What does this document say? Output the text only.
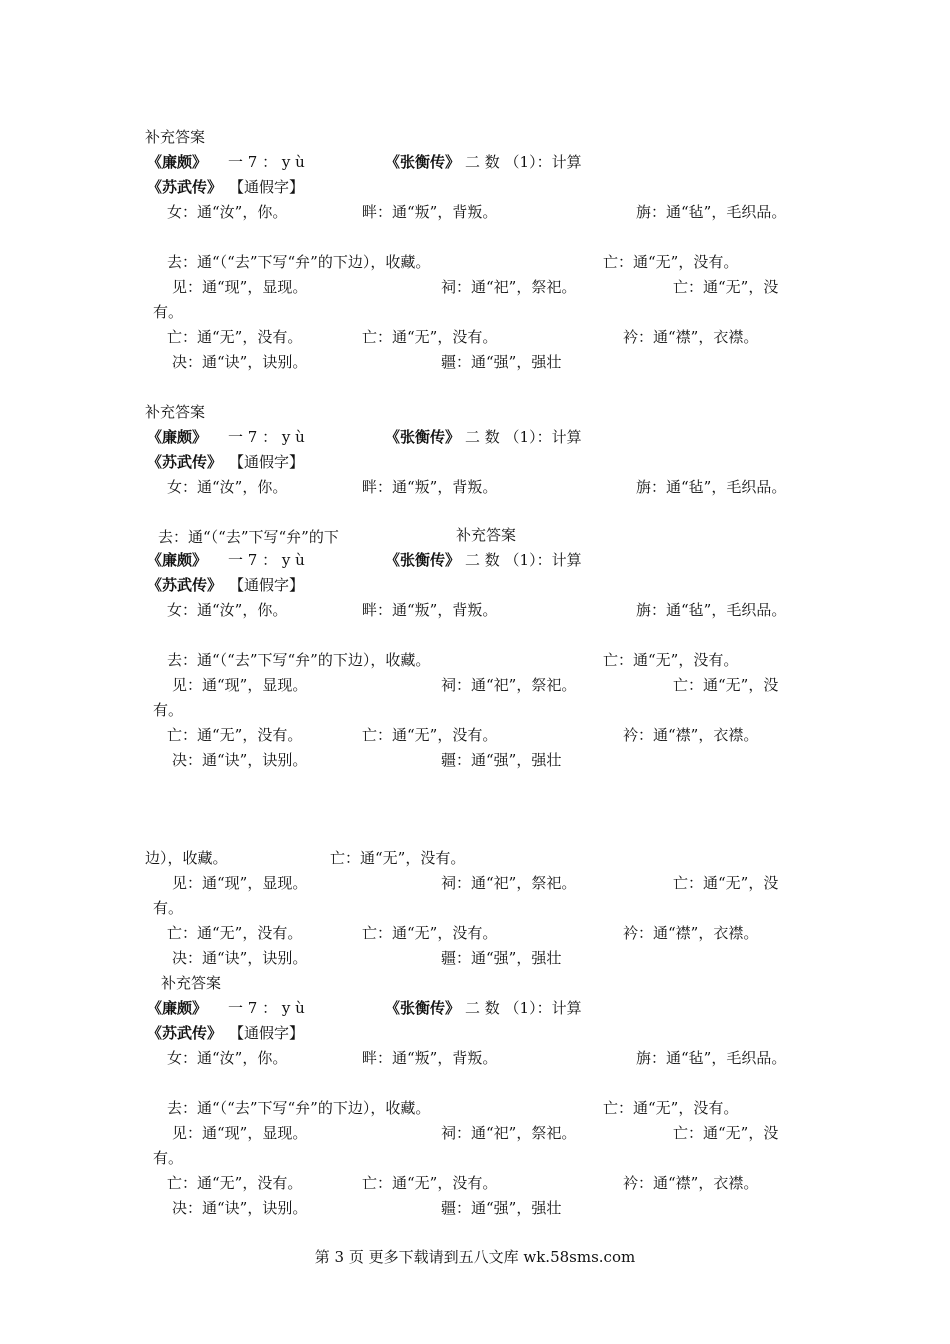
补充答案
《廉颇》 一 7 ： y ù	《张衡传》 二 数 （1）：计算
《苏武传》 【通假字】
女：通“汝”，你。	畔：通“叛”，背叛。	旃：通“毡”，毛织品。
去：通“（“去”下写“弁”的下边），收藏。	亡：通“无”，没有。
见：通“现”，显现。	祠：通“祀”，祭祀。	亡：通“无”，没
有。
亡：通“无”，没有。	亡：通“无”，没有。	衿：通“襟”，衣襟。
决：通“诀”，诀别。	疆：通“强”，强壮
补充答案
《廉颇》 一 7 ： y ù	《张衡传》 二 数 （1）：计算
《苏武传》 【通假字】
女：通“汝”，你。	畔：通“叛”，背叛。	旃：通“毡”，毛织品。
去：通“（“去”下写“弁”的下	补充答案
《廉颇》 一 7 ： y ù	《张衡传》 二 数 （1）：计算
《苏武传》 【通假字】
女：通“汝”，你。	畔：通“叛”，背叛。	旃：通“毡”，毛织品。
去：通“（“去”下写“弁”的下边），收藏。	亡：通“无”，没有。
见：通“现”，显现。	祠：通“祀”，祭祀。	亡：通“无”，没
有。
亡：通“无”，没有。	亡：通“无”，没有。	衿：通“襟”，衣襟。
决：通“诀”，诀别。	疆：通“强”，强壮
边），收藏。	亡：通“无”，没有。
见：通“现”，显现。	祠：通“祀”，祭祀。	亡：通“无”，没
有。
亡：通“无”，没有。	亡：通“无”，没有。	衿：通“襟”，衣襟。
决：通“诀”，诀别。	疆：通“强”，强壮
补充答案
《廉颇》 一 7 ： y ù	《张衡传》 二 数 （1）：计算
《苏武传》 【通假字】
女：通“汝”，你。	畔：通“叛”，背叛。	旃：通“毡”，毛织品。
去：通“（“去”下写“弁”的下边），收藏。	亡：通“无”，没有。
见：通“现”，显现。	祠：通“祀”，祭祀。	亡：通“无”，没
有。
亡：通“无”，没有。	亡：通“无”，没有。	衿：通“襟”，衣襟。
决：通“诀”，诀别。	疆：通“强”，强壮
第 3 页 更多下载请到五八文库 wk.58sms.com
